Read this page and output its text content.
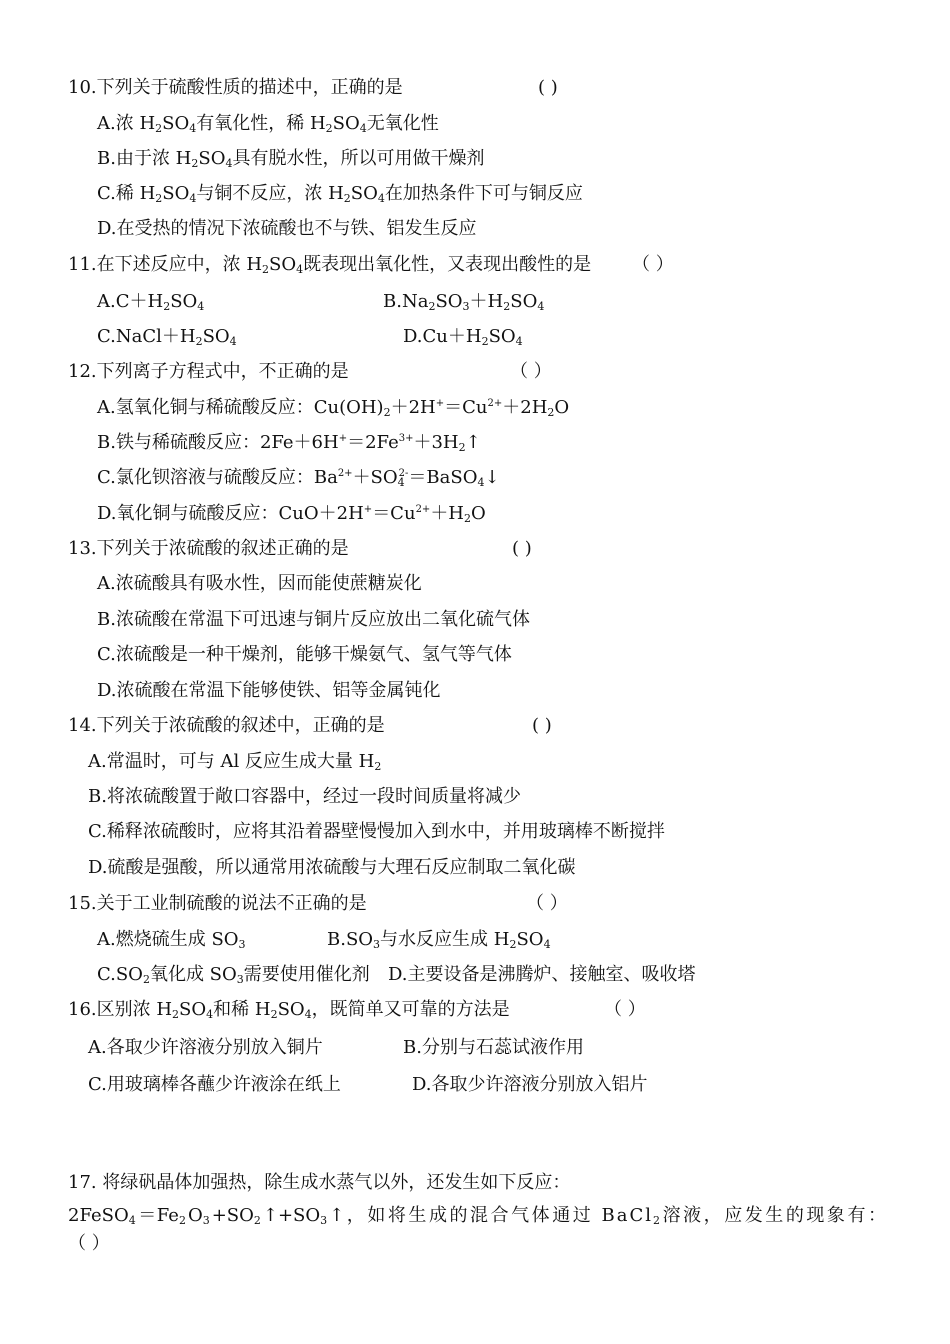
10.下列关于硫酸性质的描述中，正确的是	( )
A.浓 $H_2SO_4$有氧化性，稀 $H_2SO_4$无氧化性
B.由于浓 $H_2SO_4$具有脱水性，所以可用做干燥剂
C.稀 $H_2SO_4$与铜不反应，浓 $H_2SO_4$在加热条件下可与铜反应
D.在受热的情况下浓硫酸也不与铁、铝发生反应
11.在下述反应中，浓 $H_2SO_4$既表现出氧化性，又表现出酸性的是 （ ）
$A.C+H_2SO_4$	$B.Na_2SO_3+H_2SO_4$
$C.NaCl+H_2SO_4$	$D.Cu+H_2SO_4$
12.下列离子方程式中，不正确的是	（ ）
A.氢氧化铜与稀硫酸反应：$Cu(OH)_2+2H^+=Cu^{2+}+2H_2O$
B.铁与稀硫酸反应：$2Fe+6H^+=2Fe^{3+}+3H_2↑$
C.氯化钡溶液与硫酸反应：$Ba^{2+}+SO_4^{2-}=BaSO_4↓$
D.氧化铜与硫酸反应：$CuO+2H^+=Cu^{2+}+H_2O$
13.下列关于浓硫酸的叙述正确的是	( )
A.浓硫酸具有吸水性，因而能使蔗糖炭化
B.浓硫酸在常温下可迅速与铜片反应放出二氧化硫气体
C.浓硫酸是一种干燥剂，能够干燥氨气、氢气等气体
D.浓硫酸在常温下能够使铁、铝等金属钝化
14.下列关于浓硫酸的叙述中，正确的是	( )
A.常温时，可与 Al 反应生成大量 $H_2$
B.将浓硫酸置于敞口容器中，经过一段时间质量将减少
C.稀释浓硫酸时，应将其沿着器壁慢慢加入到水中，并用玻璃棒不断搅拌
D.硫酸是强酸，所以通常用浓硫酸与大理石反应制取二氧化碳
15.关于工业制硫酸的说法不正确的是	（ ）
A.燃烧硫生成 $SO_3$	$B.SO_3$与水反应生成 $H_2SO_4$
$C.SO_2$氧化成 $SO_3$需要使用催化剂 D.主要设备是沸腾炉、接触室、吸收塔
16.区别浓 $H_2SO_4$和稀 $H_2SO_4$，既简单又可靠的方法是	（ ）
A.各取少许溶液分别放入铜片	B.分别与石蕊试液作用
C.用玻璃棒各蘸少许液涂在纸上	D.各取少许溶液分别放入铝片
17. 将绿矾晶体加强热，除生成水蒸气以外，还发生如下反应：
$2FeSO_4=Fe_2O_3+SO_2↑+SO_3↑$，如将生成的混合气体通过 BaCl$_2$溶液，应发生的现象有：
（ ）
